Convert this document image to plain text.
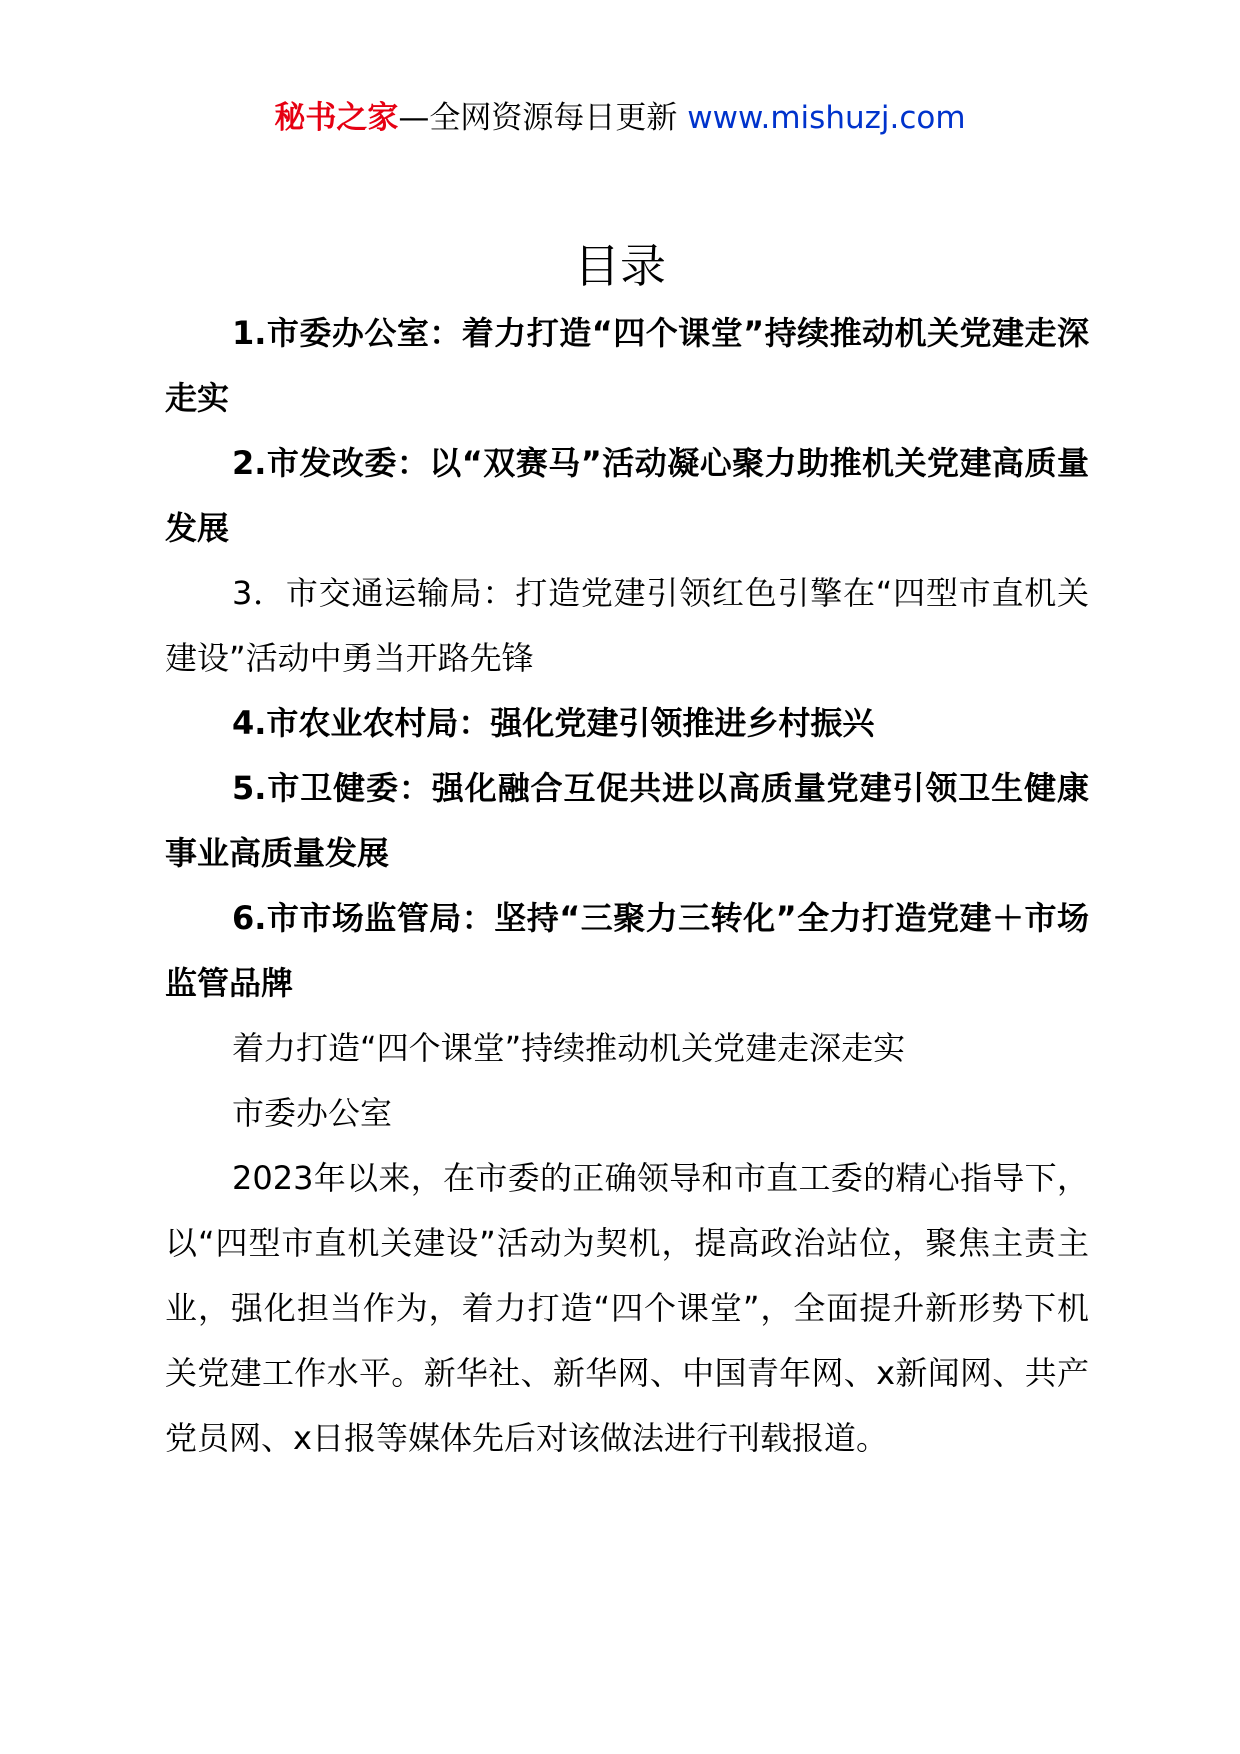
秘书之家—全网资源每日更新 www.mishuzj.com
目录

1.市委办公室：着力打造“四个课堂”持续推动机关党建走深走实

2.市发改委：以“双赛马”活动凝心聚力助推机关党建高质量发展

3．市交通运输局：打造党建引领红色引擎在“四型市直机关建设”活动中勇当开路先锋

4.市农业农村局：强化党建引领推进乡村振兴

5.市卫健委：强化融合互促共进以高质量党建引领卫生健康事业高质量发展

6.市市场监管局：坚持“三聚力三转化”全力打造党建＋市场监管品牌

着力打造“四个课堂”持续推动机关党建走深走实

市委办公室

2023年以来，在市委的正确领导和市直工委的精心指导下，以“四型市直机关建设”活动为契机，提高政治站位，聚焦主责主业，强化担当作为，着力打造“四个课堂”，全面提升新形势下机关党建工作水平。新华社、新华网、中国青年网、x新闻网、共产党员网、x日报等媒体先后对该做法进行刊载报道。
